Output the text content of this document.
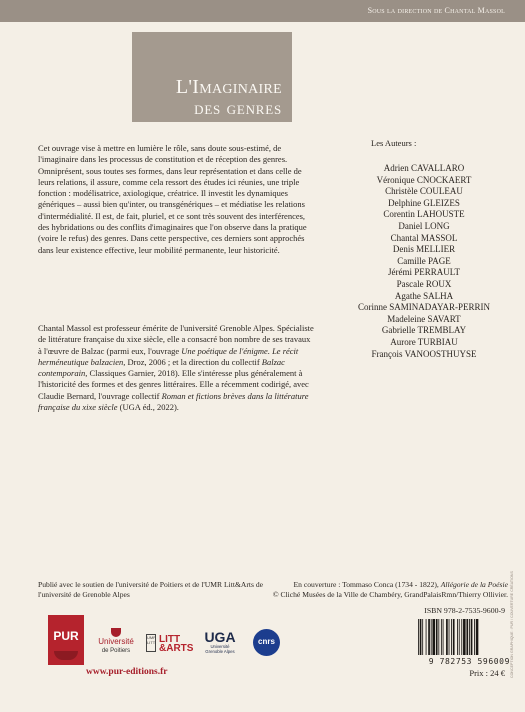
Sous la direction de Chantal Massol
L'Imaginaire
des genres

Cet ouvrage vise à mettre en lumière le rôle, sans doute sous-estimé, de l'imaginaire dans les processus de constitution et de réception des genres. Omniprésent, sous toutes ses formes, dans leur représentation et dans celle de leurs relations, il assure, comme cela ressort des études ici réunies, une triple fonction : modélisatrice, axiologique, créatrice. Il investit les dynamiques génériques – aussi bien qu'inter, ou transgénériques – et médiatise les relations d'intermédialité. Il est, de fait, pluriel, et ce sont très souvent des interférences, des hybridations ou des conflits d'imaginaires que l'on observe dans la pratique (voire le refus) des genres. Dans cette perspective, ces derniers sont approchés dans leur existence effective, leur mobilité permanente, leur historicité.

Chantal Massol est professeur émérite de l'université Grenoble Alpes. Spécialiste de littérature française du xixe siècle, elle a consacré bon nombre de ses travaux à l'œuvre de Balzac (parmi eux, l'ouvrage Une poétique de l'énigme. Le récit herméneutique balzacien, Droz, 2006 ; et la direction du collectif Balzac contemporain, Classiques Garnier, 2018). Elle s'intéresse plus généralement à l'historicité des formes et des genres littéraires. Elle a récemment codirigé, avec Claudie Bernard, l'ouvrage collectif Roman et fictions brèves dans la littérature française du xixe siècle (UGA éd., 2022).

Les Auteurs :
Adrien CAVALLARO
Véronique CNOCKAERT
Christèle COULEAU
Delphine GLEIZES
Corentin LAHOUSTE
Daniel LONG
Chantal MASSOL
Denis MELLIER
Camille PAGE
Jérémi PERRAULT
Pascale ROUX
Agathe SALHA
Corinne SAMINADAYAR-PERRIN
Madeleine SAVART
Gabrielle TREMBLAY
Aurore TURBIAU
François VANOOSTHUYSE

Publié avec le soutien de l'université de Poitiers et de l'UMR Litt&Arts de l'université de Grenoble Alpes

En couverture : Tommaso Conca (1734 - 1822), Allégorie de la Poésie
© Cliché Musées de la Ville de Chambéry, GrandPalaisRmn/Thierry Ollivier.

ISBN 978-2-7535-9600-9
9 782753 596009
Prix : 24 € CONCEPTION GRAPHIQUE : PUR / COUVERTURE CRÉATIONS
PUR	Université
de Poitiers
UMR LITT LITT &ARTS
UGA
Université Grenoble Alpes
cnrs
www.pur-editions.fr
